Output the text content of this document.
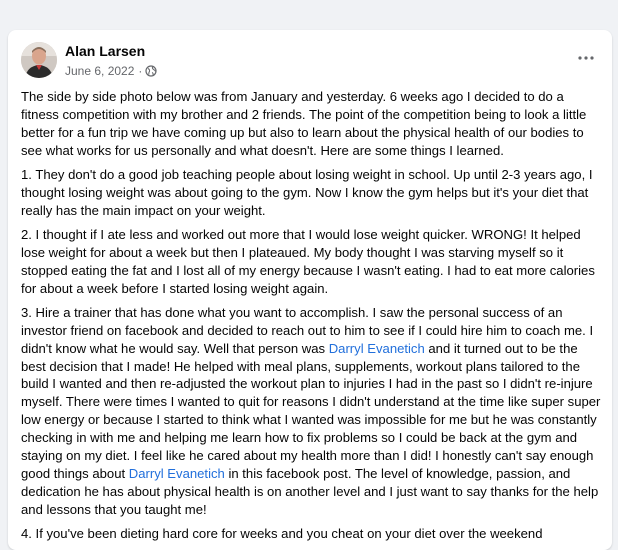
Alan Larsen
June 6, 2022 ·

The side by side photo below was from January and yesterday. 6 weeks ago I decided to do a fitness competition with my brother and 2 friends. The point of the competition being to look a little better for a fun trip we have coming up but also to learn about the physical health of our bodies to see what works for us personally and what doesn't. Here are some things I learned.

1. They don't do a good job teaching people about losing weight in school. Up until 2-3 years ago, I thought losing weight was about going to the gym. Now I know the gym helps but it's your diet that really has the main impact on your weight.

2. I thought if I ate less and worked out more that I would lose weight quicker. WRONG! It helped lose weight for about a week but then I plateaued. My body thought I was starving myself so it stopped eating the fat and I lost all of my energy because I wasn't eating. I had to eat more calories for about a week before I started losing weight again.

3. Hire a trainer that has done what you want to accomplish. I saw the personal success of an investor friend on facebook and decided to reach out to him to see if I could hire him to coach me. I didn't know what he would say. Well that person was Darryl Evanetich and it turned out to be the best decision that I made! He helped with meal plans, supplements, workout plans tailored to the build I wanted and then re-adjusted the workout plan to injuries I had in the past so I didn't re-injure myself. There were times I wanted to quit for reasons I didn't understand at the time like super super low energy or because I started to think what I wanted was impossible for me but he was constantly checking in with me and helping me learn how to fix problems so I could be back at the gym and staying on my diet. I feel like he cared about my health more than I did! I honestly can't say enough good things about Darryl Evanetich in this facebook post. The level of knowledge, passion, and dedication he has about physical health is on another level and I just want to say thanks for the help and lessons that you taught me!

4. If you've been dieting hard core for weeks and you cheat on your diet over the weekend
